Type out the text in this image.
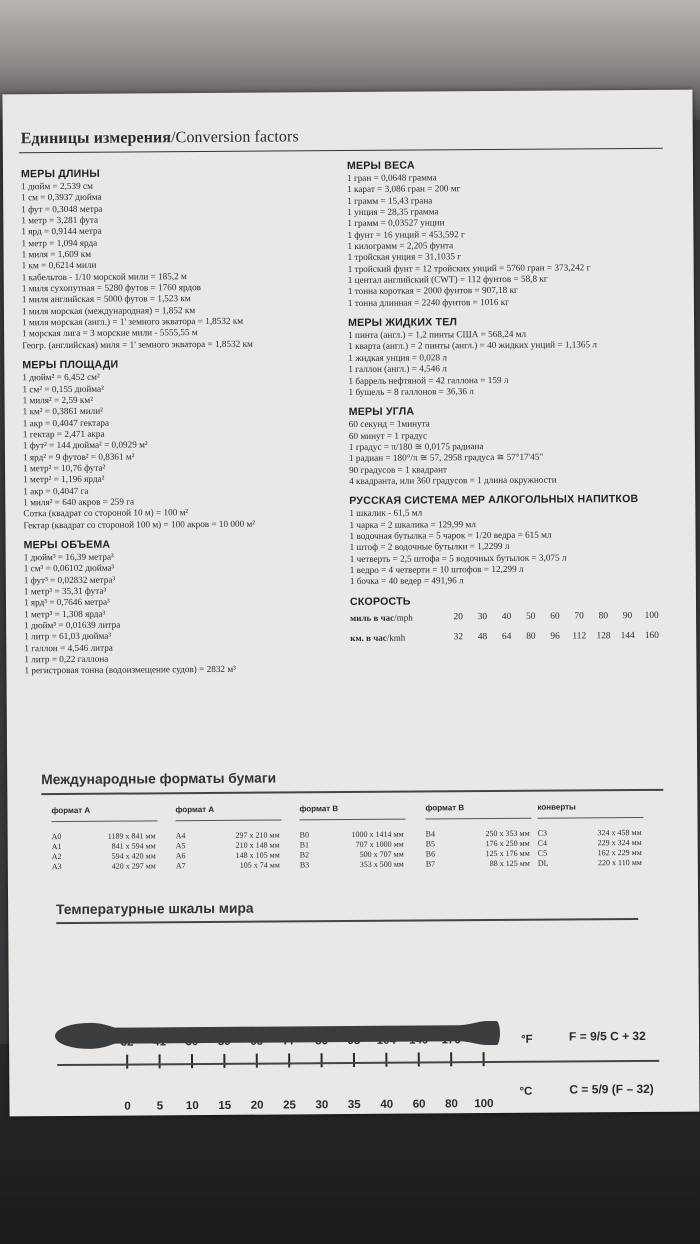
Единицы измерения/Conversion factors
МЕРЫ ДЛИНЫ
1 дюйм = 2,539 см
1 см = 0,3937 дюйма
1 фут = 0,3048 метра
1 метр = 3,281 фута
1 ярд = 0,9144 метра
1 метр = 1,094 ярда
1 миля = 1,609 км
1 км = 0,6214 мили
1 кабельтов - 1/10 морской мили = 185,2 м
1 миля сухопутная = 5280 футов = 1760 ярдов
1 миля английская = 5000 футов = 1,523 км
1 миля морская (международная) = 1,852 км
1 миля морская (англ.) = 1' земного экватора = 1,8532 км
1 морская лига = 3 морские мили - 5555,55 м
Геогр. (английская) миля = 1' земного экватора = 1,8532 км
МЕРЫ ПЛОЩАДИ
1 дюйм² = 6,452 см²
1 см² = 0,155 дюйма²
1 миля² = 2,59 км²
1 км² = 0,3861 мили²
1 акр = 0,4047 гектара
1 гектар = 2,471 акра
1 фут² = 144 дюйма² = 0,0929 м²
1 ярд² = 9 футов² = 0,8361 м²
1 метр² = 10,76 фута²
1 метр² = 1,196 ярда²
1 акр = 0,4047 га
1 миля² = 640 акров = 259 га
Сотка (квадрат со стороной 10 м) = 100 м²
Гектар (квадрат со стороной 100 м) = 100 акров = 10 000 м²
МЕРЫ ОБЪЕМА
1 дюйм³ = 16,39 метра³
1 см³ = 0,06102 дюйма³
1 фут³ = 0,02832 метра³
1 метр³ = 35,31 фута³
1 ярд³ = 0,7646 метра³
1 метр³ = 1,308 ярда³
1 дюйм³ = 0,01639 литра
1 литр = 61,03 дюйма³
1 галлон = 4,546 литра
1 литр = 0,22 галлона
1 регистровая тонна (водоизмещение судов) = 2832 м³
МЕРЫ ВЕСА
1 гран = 0,0648 грамма
1 карат = 3,086 гран = 200 мг
1 грамм = 15,43 грана
1 унция = 28,35 грамма
1 грамм = 0,03527 унции
1 фунт = 16 унций = 453,592 г
1 килограмм = 2,205 фунта
1 тройская унция = 31,1035 г
1 тройский фунт = 12 тройских унций = 5760 гран = 373,242 г
1 центал английский (CWT) = 112 фунтов = 58,8 кг
1 тонна короткая = 2000 фунтов = 907,18 кг
1 тонна длинная = 2240 фунтов = 1016 кг
МЕРЫ ЖИДКИХ ТЕЛ
1 пинта (англ.) = 1,2 пинты США = 568,24 мл
1 кварта (англ.) = 2 пинты (англ.) = 40 жидких унций = 1,1365 л
1 жидкая унция = 0,028 л
1 галлон (англ.) = 4,546 л
1 баррель нефтяной = 42 галлона = 159 л
1 бушель = 8 галлонов = 36,36 л
МЕРЫ УГЛА
60 секунд = 1минута
60 минут = 1 градус
1 градус = π/180 ≅ 0,0175 радиана
1 радиан = 180°/π ≅ 57, 2958 градуса ≅ 57°17'45"
90 градусов = 1 квадрант
4 квадранта, или 360 градусов = 1 длина окружности
РУССКАЯ СИСТЕМА МЕР АЛКОГОЛЬНЫХ НАПИТКОВ
1 шкалик - 61,5 мл
1 чарка = 2 шкалика = 129,99 мл
1 водочная бутылка = 5 чарок = 1/20 ведра = 615 мл
1 штоф = 2 водочные бутылки = 1,2299 л
1 четверть = 2,5 штофа = 5 водочных бутылок = 3,075 л
1 ведро = 4 четверти = 10 штофов = 12,299 л
1 бочка = 40 ведер = 491,96 л
СКОРОСТЬ
миль в час/mph	20	30	40	50	60	70	80	90	100
км. в час/kmh	32	48	64	80	96	112	128	144	160
Международные форматы бумаги
формат А
A0	1189 x 841 мм
A1	841 x 594 мм
A2	594 x 420 мм
A3	420 x 297 мм
формат А
A4	297 x 210 мм
A5	210 x 148 мм
A6	148 x 105 мм
A7	105 x 74 мм
формат В
B0	1000 x 1414 мм
B1	707 x 1000 мм
B2	500 x 707 мм
B3	353 x 500 мм
формат В
B4	250 x 353 мм
B5	176 x 250 мм
B6	125 x 176 мм
B7	88 x 125 мм
конверты
C3	324 x 458 мм
C4	229 x 324 мм
C5	162 x 229 мм
DL	220 x 110 мм
Температурные шкалы мира
0 5 10 15 20 25 30 35 40 60 80 100
°F
°C
F = 9/5 C + 32
C = 5/9 (F – 32)
